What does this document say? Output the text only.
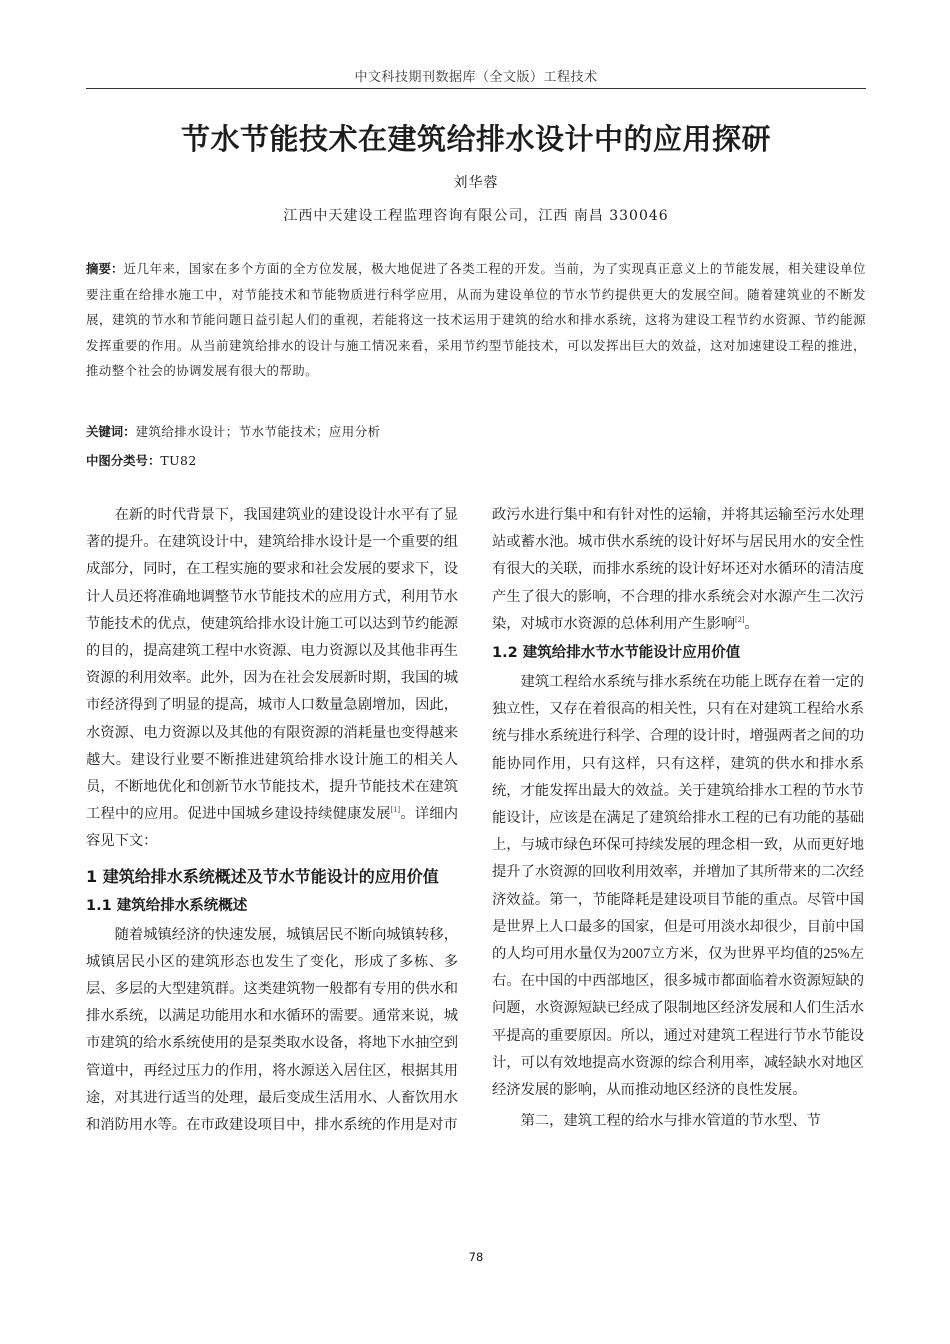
中文科技期刊数据库（全文版）工程技术
节水节能技术在建筑给排水设计中的应用探研
刘华蓉
江西中天建设工程监理咨询有限公司，江西 南昌 330046
摘要：近几年来，国家在多个方面的全方位发展，极大地促进了各类工程的开发。当前，为了实现真正意义上的节能发展，相关建设单位要注重在给排水施工中，对节能技术和节能物质进行科学应用，从而为建设单位的节水节约提供更大的发展空间。随着建筑业的不断发展，建筑的节水和节能问题日益引起人们的重视，若能将这一技术运用于建筑的给水和排水系统，这将为建设工程节约水资源、节约能源发挥重要的作用。从当前建筑给排水的设计与施工情况来看，采用节约型节能技术，可以发挥出巨大的效益，这对加速建设工程的推进，推动整个社会的协调发展有很大的帮助。
关键词：建筑给排水设计；节水节能技术；应用分析
中图分类号：TU82

在新的时代背景下，我国建筑业的建设设计水平有了显著的提升。在建筑设计中，建筑给排水设计是一个重要的组成部分，同时，在工程实施的要求和社会发展的要求下，设计人员还将准确地调整节水节能技术的应用方式，利用节水节能技术的优点，使建筑给排水设计施工可以达到节约能源的目的，提高建筑工程中水资源、电力资源以及其他非再生资源的利用效率。此外，因为在社会发展新时期，我国的城市经济得到了明显的提高，城市人口数量急剧增加，因此，水资源、电力资源以及其他的有限资源的消耗量也变得越来越大。建设行业要不断推进建筑给排水设计施工的相关人员，不断地优化和创新节水节能技术，提升节能技术在建筑工程中的应用。促进中国城乡建设持续健康发展[1]。详细内容见下文：

1 建筑给排水系统概述及节水节能设计的应用价值
1.1 建筑给排水系统概述

随着城镇经济的快速发展，城镇居民不断向城镇转移，城镇居民小区的建筑形态也发生了变化，形成了多栋、多层、多层的大型建筑群。这类建筑物一般都有专用的供水和排水系统，以满足功能用水和水循环的需要。通常来说，城市建筑的给水系统使用的是泵类取水设备，将地下水抽空到管道中，再经过压力的作用，将水源送入居住区，根据其用途，对其进行适当的处理，最后变成生活用水、人畜饮用水和消防用水等。在市政建设项目中，排水系统的作用是对市

政污水进行集中和有针对性的运输，并将其运输至污水处理站或蓄水池。城市供水系统的设计好坏与居民用水的安全性有很大的关联，而排水系统的设计好坏还对水循环的清洁度产生了很大的影响，不合理的排水系统会对水源产生二次污染，对城市水资源的总体利用产生影响[2]。

1.2 建筑给排水节水节能设计应用价值

建筑工程给水系统与排水系统在功能上既存在着一定的独立性，又存在着很高的相关性，只有在对建筑工程给水系统与排水系统进行科学、合理的设计时，增强两者之间的功能协同作用，只有这样，只有这样，建筑的供水和排水系统，才能发挥出最大的效益。关于建筑给排水工程的节水节能设计，应该是在满足了建筑给排水工程的已有功能的基础上，与城市绿色环保可持续发展的理念相一致，从而更好地提升了水资源的回收利用效率，并增加了其所带来的二次经济效益。第一，节能降耗是建设项目节能的重点。尽管中国是世界上人口最多的国家，但是可用淡水却很少，目前中国的人均可用水量仅为2007立方米，仅为世界平均值的25%左右。在中国的中西部地区，很多城市都面临着水资源短缺的问题，水资源短缺已经成了限制地区经济发展和人们生活水平提高的重要原因。所以，通过对建筑工程进行节水节能设计，可以有效地提高水资源的综合利用率，减轻缺水对地区经济发展的影响，从而推动地区经济的良性发展。

第二，建筑工程的给水与排水管道的节水型、节

78
